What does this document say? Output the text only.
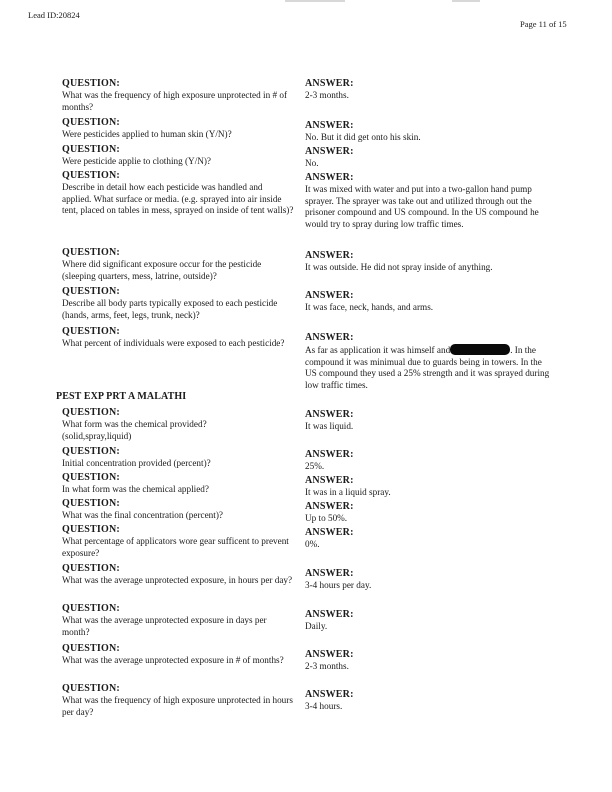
Lead ID:20824
Page 11 of 15
QUESTION:
What was the frequency of high exposure unprotected in # of months?
QUESTION:
Were pesticides applied to human skin (Y/N)?
QUESTION:
Were pesticide applie to clothing (Y/N)?
QUESTION:
Describe in detail how each pesticide was handled and applied. What surface or media. (e.g. sprayed into air inside tent, placed on tables in mess, sprayed on inside of tent walls)?
QUESTION:
Where did significant exposure occur for the pesticide (sleeping quarters, mess, latrine, outside)?
QUESTION:
Describe all body parts typically exposed to each pesticide (hands, arms, feet, legs, trunk, neck)?
QUESTION:
What percent of individuals were exposed to each pesticide?
ANSWER:
2-3 months.
ANSWER:
No. But it did get onto his skin.
ANSWER:
No.
ANSWER:
It was mixed with water and put into a two-gallon hand pump sprayer. The sprayer was take out and utilized through out the prisoner compound and US compound. In the US compound he would try to spray during low traffic times.
ANSWER:
It was outside. He did not spray inside of anything.
ANSWER:
It was face, neck, hands, and arms.
ANSWER:
As far as application it was himself and	. In the compound it was minimual due to guards being in towers. In the US compound they used a 25% strength and it was sprayed during low traffic times.
PEST EXP PRT A MALATHI
QUESTION:
What form was the chemical provided?(solid,spray,liquid)
QUESTION:
Initial concentration provided (percent)?
QUESTION:
In what form was the chemical applied?
QUESTION:
What was the final concentration (percent)?
QUESTION:
What percentage of applicators wore gear sufficent to prevent exposure?
QUESTION:
What was the average unprotected exposure, in hours per day?
QUESTION:
What was the average unprotected exposure in days per month?
QUESTION:
What was the average unprotected exposure in # of months?
QUESTION:
What was the frequency of high exposure unprotected in hours per day?
ANSWER:
It was liquid.
ANSWER:
25%.
ANSWER:
It was in a liquid spray.
ANSWER:
Up to 50%.
ANSWER:
0%.
ANSWER:
3-4 hours per day.
ANSWER:
Daily.
ANSWER:
2-3 months.
ANSWER:
3-4 hours.
